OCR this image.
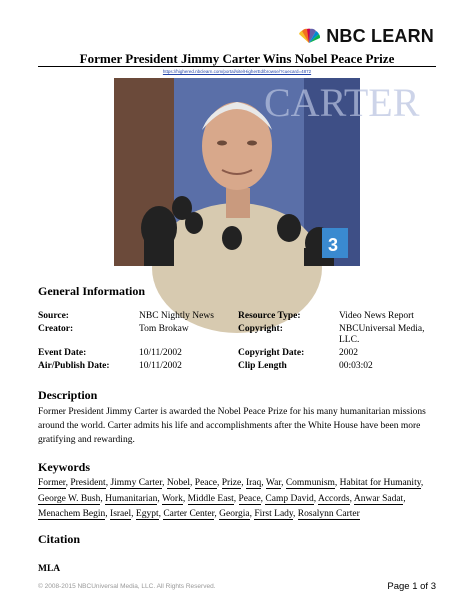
NBC LEARN
Former President Jimmy Carter Wins Nobel Peace Prize
https://highered.nbclearn.com/portal/site/HigherEd/browse/?cuecard=4872
CARTER
3
General Information
Source:	NBC Nightly News	Resource Type:	Video News Report
Creator:	Tom Brokaw	Copyright:	NBCUniversal Media, LLC.
Event Date:	10/11/2002	Copyright Date:	2002
Air/Publish Date:	10/11/2002	Clip Length	00:03:02
Description
Former President Jimmy Carter is awarded the Nobel Peace Prize for his many humanitarian missions around the world. Carter admits his life and accomplishments after the White House have been more gratifying and rewarding.
Keywords
Former, President, Jimmy Carter, Nobel, Peace, Prize, Iraq, War, Communism, Habitat for Humanity, George W. Bush, Humanitarian, Work, Middle East, Peace, Camp David, Accords, Anwar Sadat, Menachem Begin, Israel, Egypt, Carter Center, Georgia, First Lady, Rosalynn Carter
Citation
MLA
© 2008-2015 NBCUniversal Media, LLC. All Rights Reserved.	Page 1 of 3
